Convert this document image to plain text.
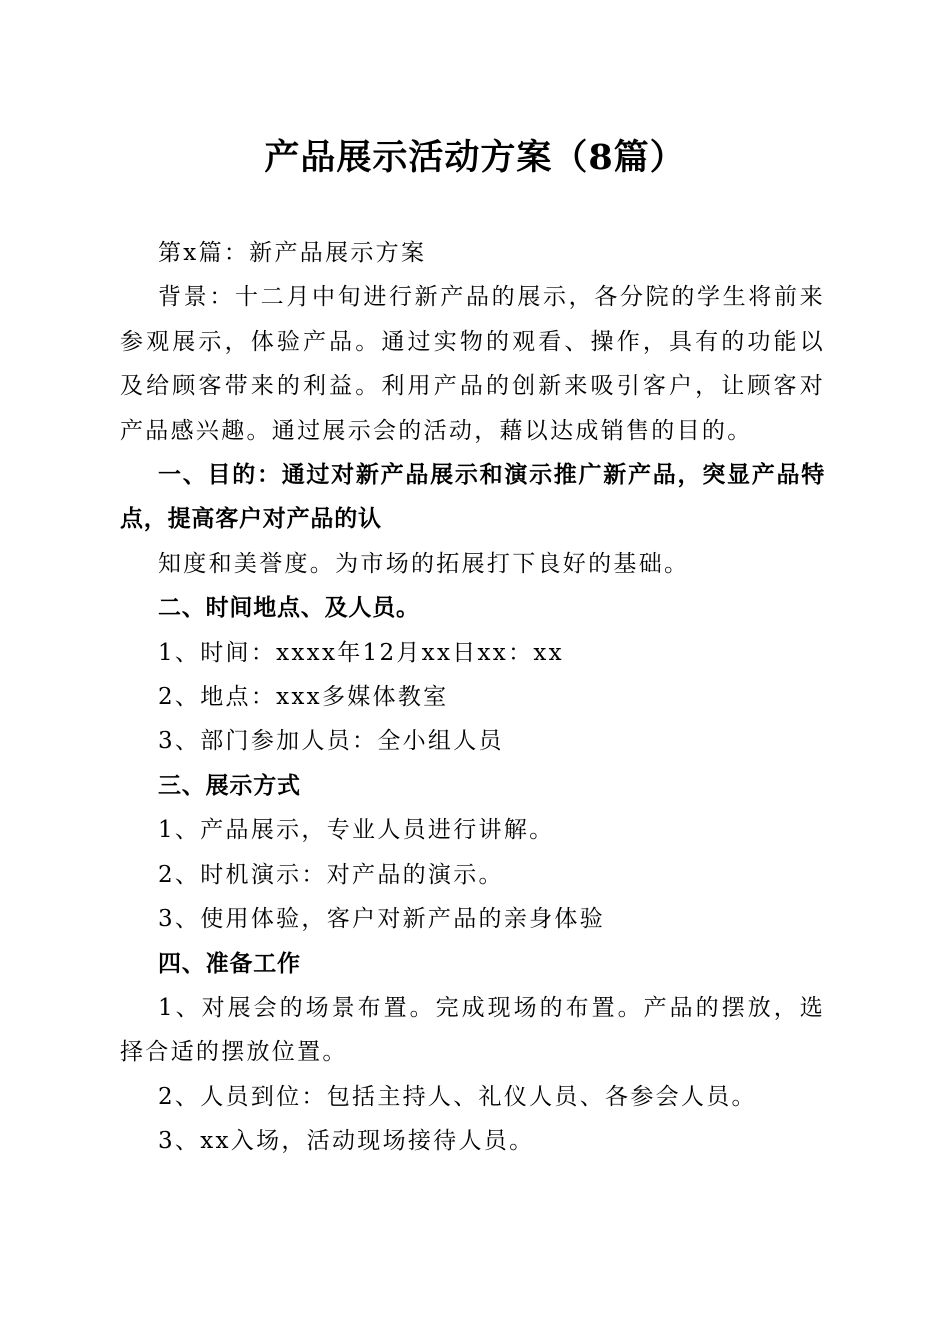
产品展示活动方案（8篇）

第x篇：新产品展示方案

背景：十二月中旬进行新产品的展示，各分院的学生将前来参观展示，体验产品。通过实物的观看、操作，具有的功能以及给顾客带来的利益。利用产品的创新来吸引客户，让顾客对产品感兴趣。通过展示会的活动，藉以达成销售的目的。

一、目的：通过对新产品展示和演示推广新产品，突显产品特点，提高客户对产品的认

知度和美誉度。为市场的拓展打下良好的基础。

二、时间地点、及人员。

1、时间：xxxx年12月xx日xx：xx

2、地点：xxx多媒体教室

3、部门参加人员：全小组人员

三、展示方式

1、产品展示，专业人员进行讲解。

2、时机演示：对产品的演示。

3、使用体验，客户对新产品的亲身体验

四、准备工作

1、对展会的场景布置。完成现场的布置。产品的摆放，选择合适的摆放位置。

2、人员到位：包括主持人、礼仪人员、各参会人员。

3、xx入场，活动现场接待人员。
